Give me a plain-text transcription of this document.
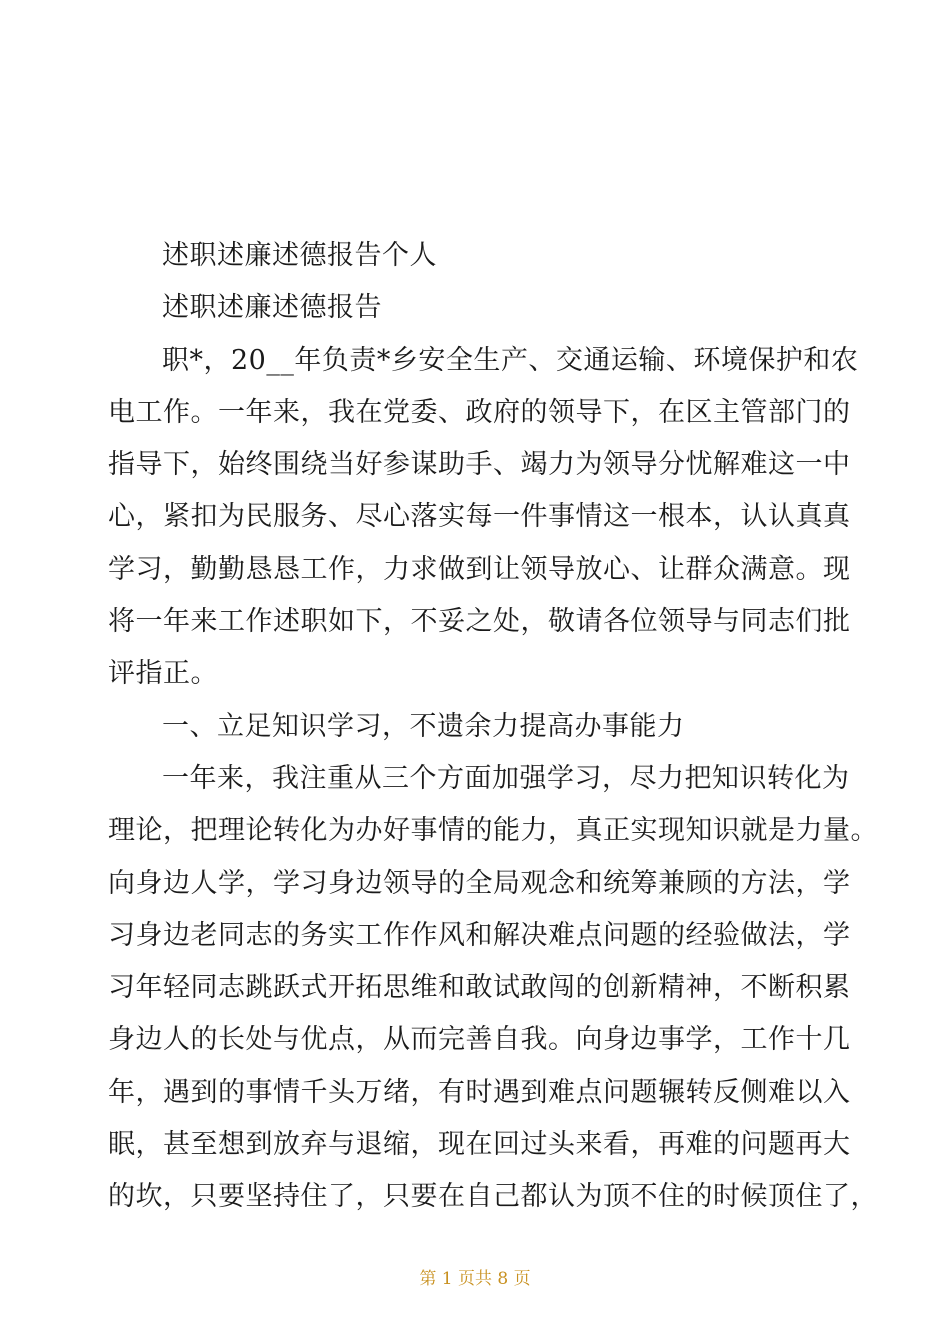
述职述廉述德报告个人
述职述廉述德报告
职*，20__年负责*乡安全生产、交通运输、环境保护和农
电工作。一年来，我在党委、政府的领导下，在区主管部门的
指导下，始终围绕当好参谋助手、竭力为领导分忧解难这一中
心，紧扣为民服务、尽心落实每一件事情这一根本，认认真真
学习，勤勤恳恳工作，力求做到让领导放心、让群众满意。现
将一年来工作述职如下，不妥之处，敬请各位领导与同志们批
评指正。
一、立足知识学习，不遗余力提高办事能力
一年来，我注重从三个方面加强学习，尽力把知识转化为
理论，把理论转化为办好事情的能力，真正实现知识就是力量。
向身边人学，学习身边领导的全局观念和统筹兼顾的方法，学
习身边老同志的务实工作作风和解决难点问题的经验做法，学
习年轻同志跳跃式开拓思维和敢试敢闯的创新精神，不断积累
身边人的长处与优点，从而完善自我。向身边事学，工作十几
年，遇到的事情千头万绪，有时遇到难点问题辗转反侧难以入
眠，甚至想到放弃与退缩，现在回过头来看，再难的问题再大
的坎，只要坚持住了，只要在自己都认为顶不住的时候顶住了，
第 1 页共 8 页
